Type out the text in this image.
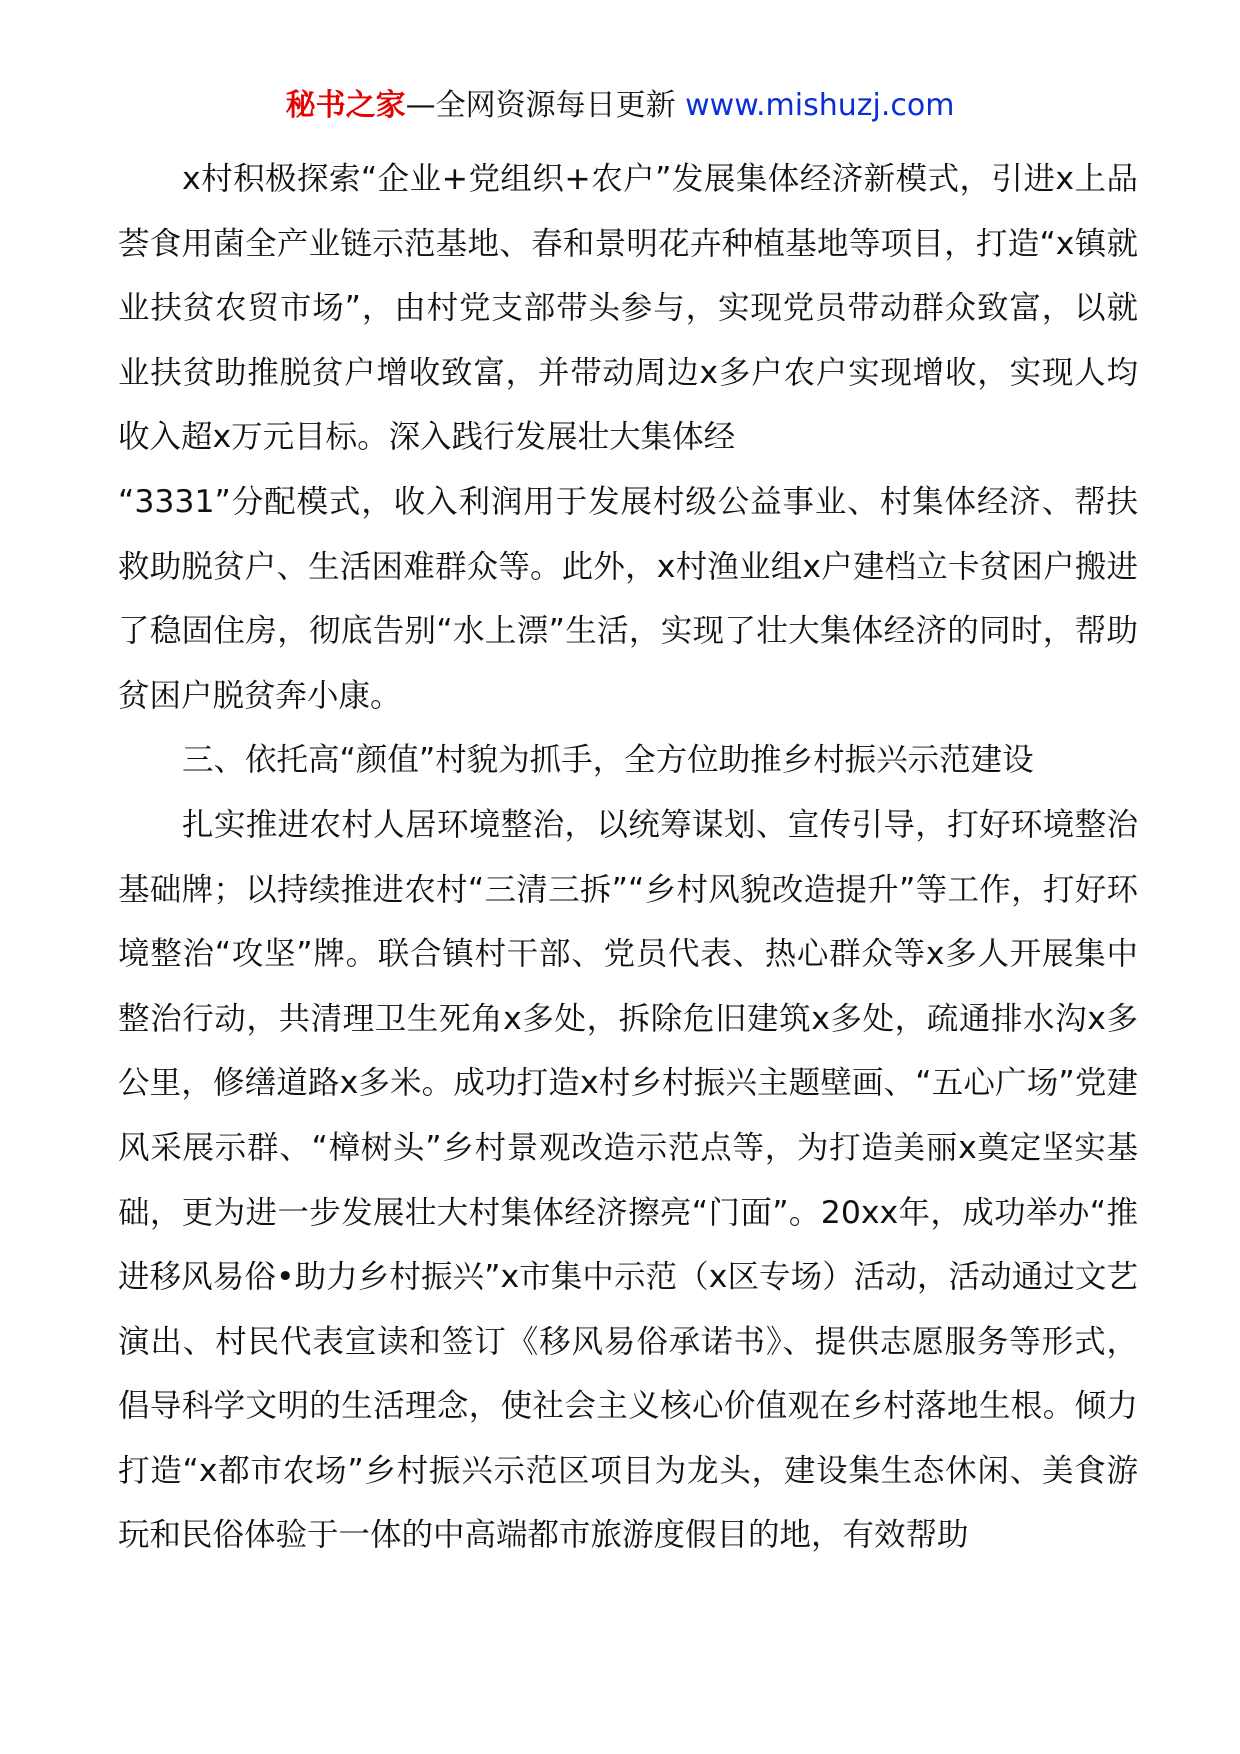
秘书之家—全网资源每日更新 www.mishuzj.com

x村积极探索“企业+党组织+农户”发展集体经济新模式，引进x上品荟食用菌全产业链示范基地、春和景明花卉种植基地等项目，打造“x镇就业扶贫农贸市场”，由村党支部带头参与，实现党员带动群众致富，以就业扶贫助推脱贫户增收致富，并带动周边x多户农户实现增收，实现人均收入超x万元目标。深入践行发展壮大集体经

“3331”分配模式，收入利润用于发展村级公益事业、村集体经济、帮扶救助脱贫户、生活困难群众等。此外，x村渔业组x户建档立卡贫困户搬进了稳固住房，彻底告别“水上漂”生活，实现了壮大集体经济的同时，帮助贫困户脱贫奔小康。

三、依托高“颜值”村貌为抓手，全方位助推乡村振兴示范建设

扎实推进农村人居环境整治，以统筹谋划、宣传引导，打好环境整治基础牌；以持续推进农村“三清三拆”“乡村风貌改造提升”等工作，打好环境整治“攻坚”牌。联合镇村干部、党员代表、热心群众等x多人开展集中整治行动，共清理卫生死角x多处，拆除危旧建筑x多处，疏通排水沟x多公里，修缮道路x多米。成功打造x村乡村振兴主题壁画、“五心广场”党建风采展示群、“樟树头”乡村景观改造示范点等，为打造美丽x奠定坚实基础，更为进一步发展壮大村集体经济擦亮“门面”。20xx年，成功举办“推进移风易俗•助力乡村振兴”x市集中示范（x区专场）活动，活动通过文艺演出、村民代表宣读和签订《移风易俗承诺书》、提供志愿服务等形式，倡导科学文明的生活理念，使社会主义核心价值观在乡村落地生根。倾力打造“x都市农场”乡村振兴示范区项目为龙头，建设集生态休闲、美食游玩和民俗体验于一体的中高端都市旅游度假目的地，有效帮助
